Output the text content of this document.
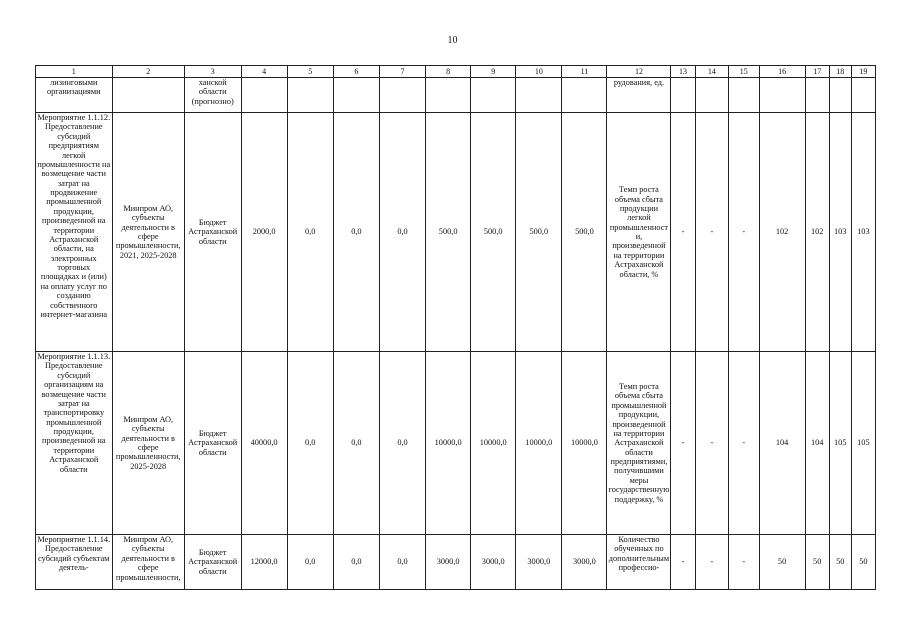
10
1	2	3	4	5	6	7	8	9	10	11	12	13	14	15	16	17	18	19

лизинговыми организациями		ханской области (прогнозно)									рудования, ед.							
Мероприятие 1.1.12. Предоставление субсидий предприятиям легкой промышленности на возмещение части затрат на продвижение промышленной продукции, произведенной на территории Астраханской области, на электронных торговых площадках и (или) на оплату услуг по созданию собственного интернет-магазина	Минпром АО, субъекты деятельности в сфере промышленности, 2021, 2025-2028	Бюджет Астраханской области	2000,0	0,0	0,0	0,0	500,0	500,0	500,0	500,0	Темп роста объема сбыта продукции легкой промышленности, произведенной на территории Астраханской области, %	-	-	-	102	102	103	103
Мероприятие 1.1.13. Предоставление субсидий организациям на возмещение части затрат на транспортировку промышленной продукции, произведенной на территории Астраханской области	Минпром АО, субъекты деятельности в сфере промышленности, 2025-2028	Бюджет Астраханской области	40000,0	0,0	0,0	0,0	10000,0	10000,0	10000,0	10000,0	Темп роста объема сбыта промышленной продукции, произведенной на территории Астраханской области предприятиями, получившими меры государственную поддержку, %	-	-	-	104	104	105	105

Мероприятие 1.1.14. Предоставление субсидий субъектам деятель-	Минпром АО, субъекты деятельности в сфере промышленности,	Бюджет Астраханской области	12000,0	0,0	0,0	0,0	3000,0	3000,0	3000,0	3000,0	Количество обученных по дополнительным профессио-	-	-	-	50	50	50	50
